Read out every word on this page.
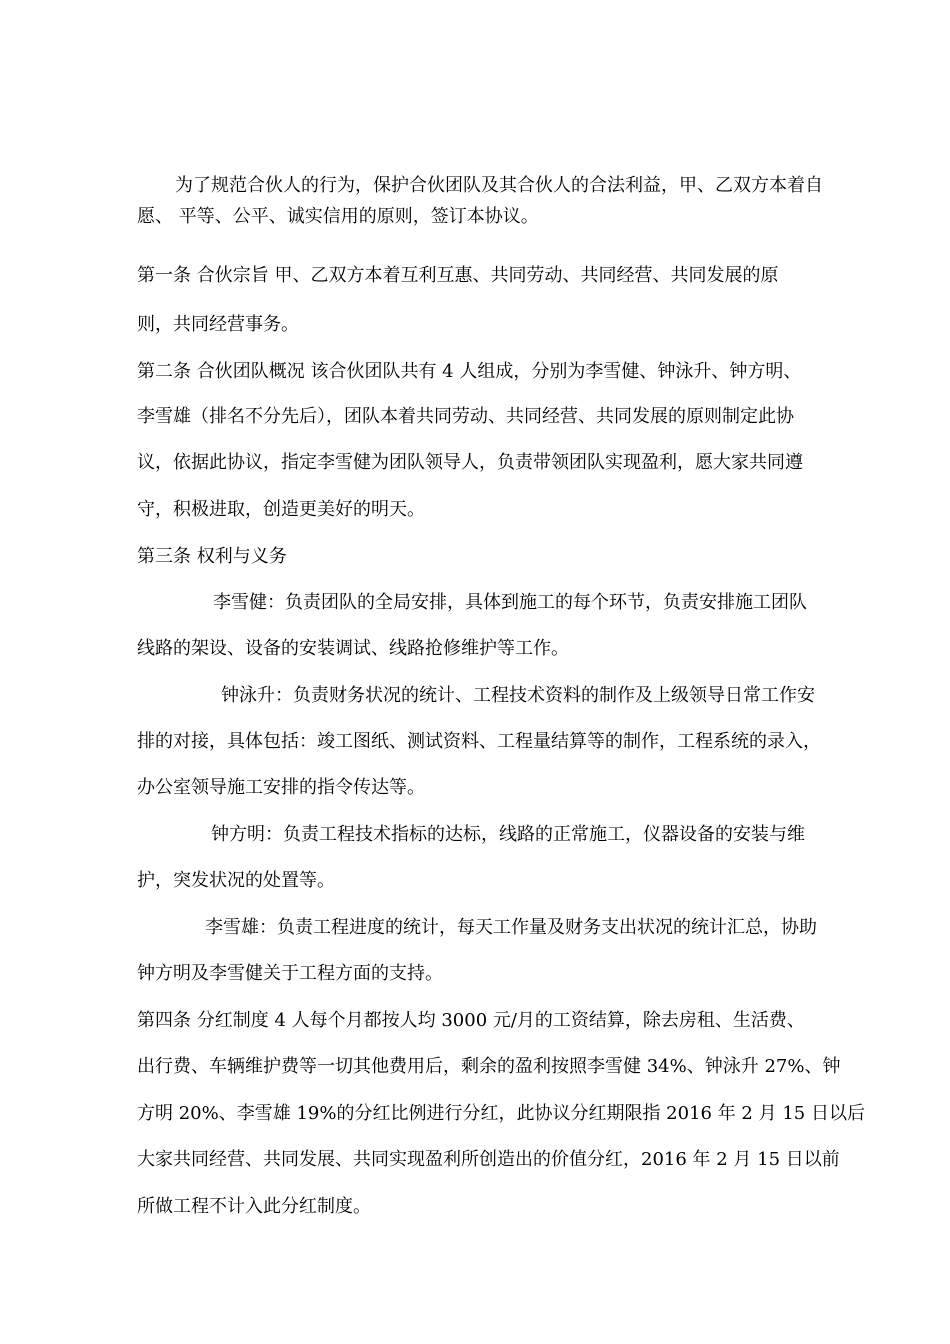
为了规范合伙人的行为，保护合伙团队及其合伙人的合法利益，甲、乙双方本着自
愿、 平等、公平、诚实信用的原则，签订本协议。
第一条 合伙宗旨 甲、乙双方本着互利互惠、共同劳动、共同经营、共同发展的原
则，共同经营事务。
第二条 合伙团队概况 该合伙团队共有 4 人组成，分别为李雪健、钟泳升、钟方明、
李雪雄（排名不分先后），团队本着共同劳动、共同经营、共同发展的原则制定此协
议，依据此协议，指定李雪健为团队领导人，负责带领团队实现盈利，愿大家共同遵
守，积极进取，创造更美好的明天。
第三条 权利与义务
李雪健：负责团队的全局安排，具体到施工的每个环节，负责安排施工团队
线路的架设、设备的安装调试、线路抢修维护等工作。
钟泳升：负责财务状况的统计、工程技术资料的制作及上级领导日常工作安
排的对接，具体包括：竣工图纸、测试资料、工程量结算等的制作，工程系统的录入，
办公室领导施工安排的指令传达等。
钟方明：负责工程技术指标的达标，线路的正常施工，仪器设备的安装与维
护，突发状况的处置等。
李雪雄：负责工程进度的统计，每天工作量及财务支出状况的统计汇总，协助
钟方明及李雪健关于工程方面的支持。
第四条 分红制度 4 人每个月都按人均 3000 元/月的工资结算，除去房租、生活费、
出行费、车辆维护费等一切其他费用后，剩余的盈利按照李雪健 34%、钟泳升 27%、钟
方明 20%、李雪雄 19%的分红比例进行分红，此协议分红期限指 2016 年 2 月 15 日以后
大家共同经营、共同发展、共同实现盈利所创造出的价值分红，2016 年 2 月 15 日以前
所做工程不计入此分红制度。
